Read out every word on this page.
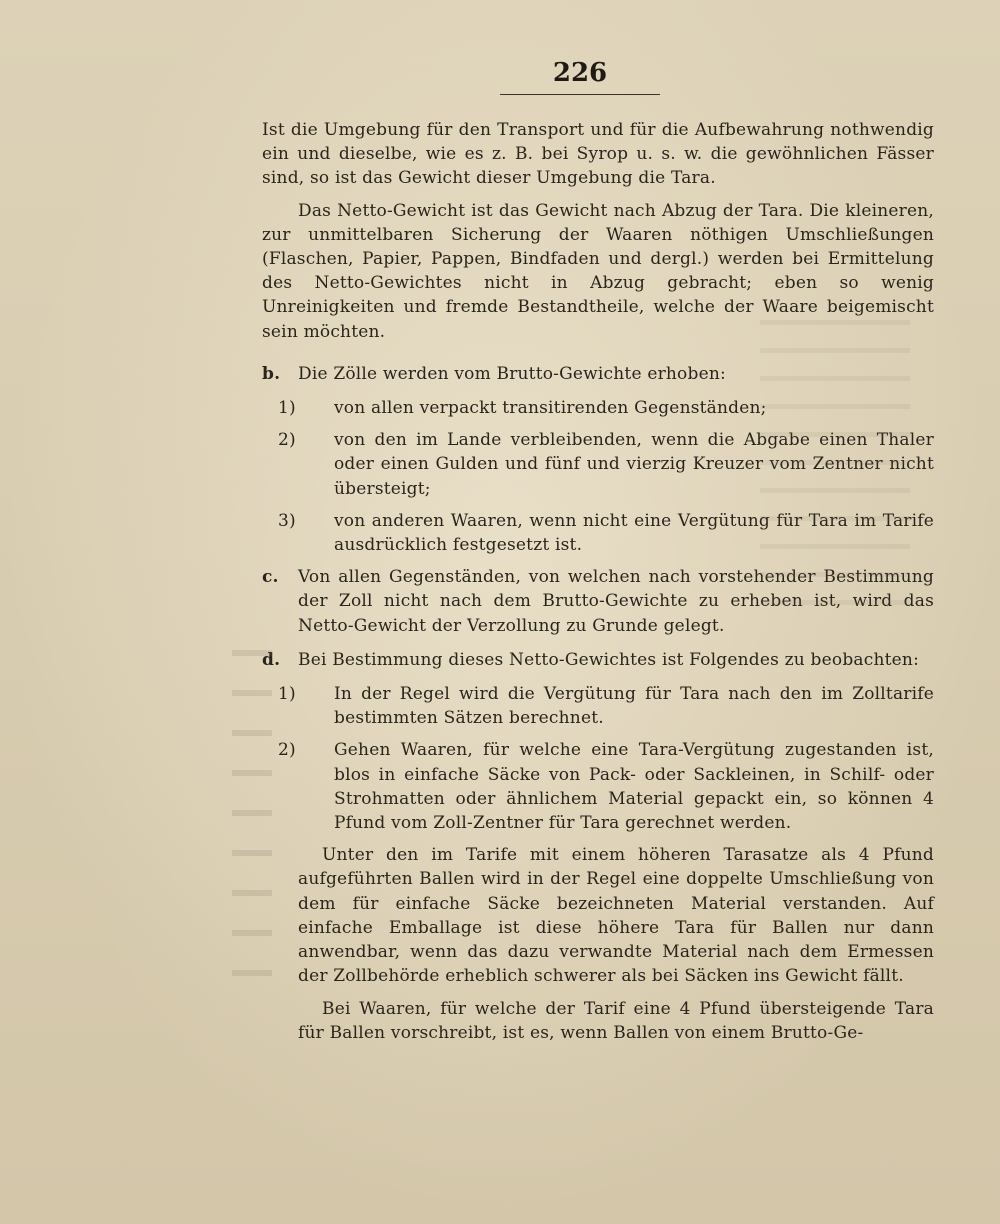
226

Ist die Umgebung für den Transport und für die Aufbewahrung nothwendig ein und dieselbe, wie es z. B. bei Syrop u. s. w. die gewöhnlichen Fässer sind, so ist das Gewicht dieser Umgebung die Tara.

Das Netto-Gewicht ist das Gewicht nach Abzug der Tara. Die kleineren, zur unmittelbaren Sicherung der Waaren nöthigen Umschließungen (Flaschen, Papier, Pappen, Bindfaden und dergl.) werden bei Ermittelung des Netto-Gewichtes nicht in Abzug gebracht; eben so wenig Unreinigkeiten und fremde Bestandtheile, welche der Waare beigemischt sein möchten.

b. Die Zölle werden vom Brutto-Gewichte erhoben:
1) von allen verpackt transitirenden Gegenständen;
2) von den im Lande verbleibenden, wenn die Abgabe einen Thaler oder einen Gulden und fünf und vierzig Kreuzer vom Zentner nicht übersteigt;
3) von anderen Waaren, wenn nicht eine Vergütung für Tara im Tarife ausdrücklich festgesetzt ist.
c. Von allen Gegenständen, von welchen nach vorstehender Bestimmung der Zoll nicht nach dem Brutto-Gewichte zu erheben ist, wird das Netto-Gewicht der Verzollung zu Grunde gelegt.
d. Bei Bestimmung dieses Netto-Gewichtes ist Folgendes zu beobachten:
1) In der Regel wird die Vergütung für Tara nach den im Zolltarife bestimmten Sätzen berechnet.
2) Gehen Waaren, für welche eine Tara-Vergütung zugestanden ist, blos in einfache Säcke von Pack- oder Sackleinen, in Schilf- oder Strohmatten oder ähnlichem Material gepackt ein, so können 4 Pfund vom Zoll-Zentner für Tara gerechnet werden.

Unter den im Tarife mit einem höheren Tarasatze als 4 Pfund aufgeführten Ballen wird in der Regel eine doppelte Umschließung von dem für einfache Säcke bezeichneten Material verstanden. Auf einfache Emballage ist diese höhere Tara für Ballen nur dann anwendbar, wenn das dazu verwandte Material nach dem Ermessen der Zollbehörde erheblich schwerer als bei Säcken ins Gewicht fällt.

Bei Waaren, für welche der Tarif eine 4 Pfund übersteigende Tara für Ballen vorschreibt, ist es, wenn Ballen von einem Brutto-Ge-
